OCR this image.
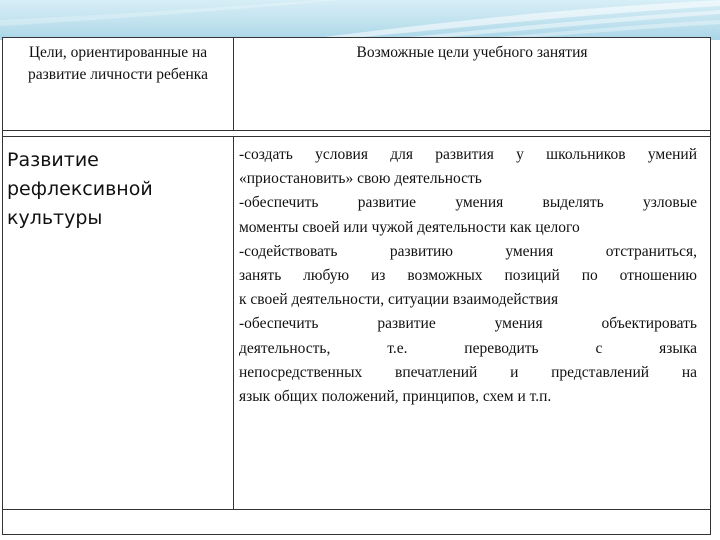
Цели, ориентированные на развитие личности ребенка
Возможные цели учебного занятия
Развитие рефлексивной культуры

-создать условия для развития у школьников умений

«приостановить» свою деятельность

-обеспечить развитие умения выделять узловые

моменты своей или чужой деятельности как целого

-содействовать развитию умения отстраниться,

занять любую из возможных позиций по отношению

к своей деятельности, ситуации взаимодействия

-обеспечить развитие умения объектировать

деятельность, т.е. переводить с языка

непосредственных впечатлений и представлений на

язык общих положений, принципов, схем и т.п.
